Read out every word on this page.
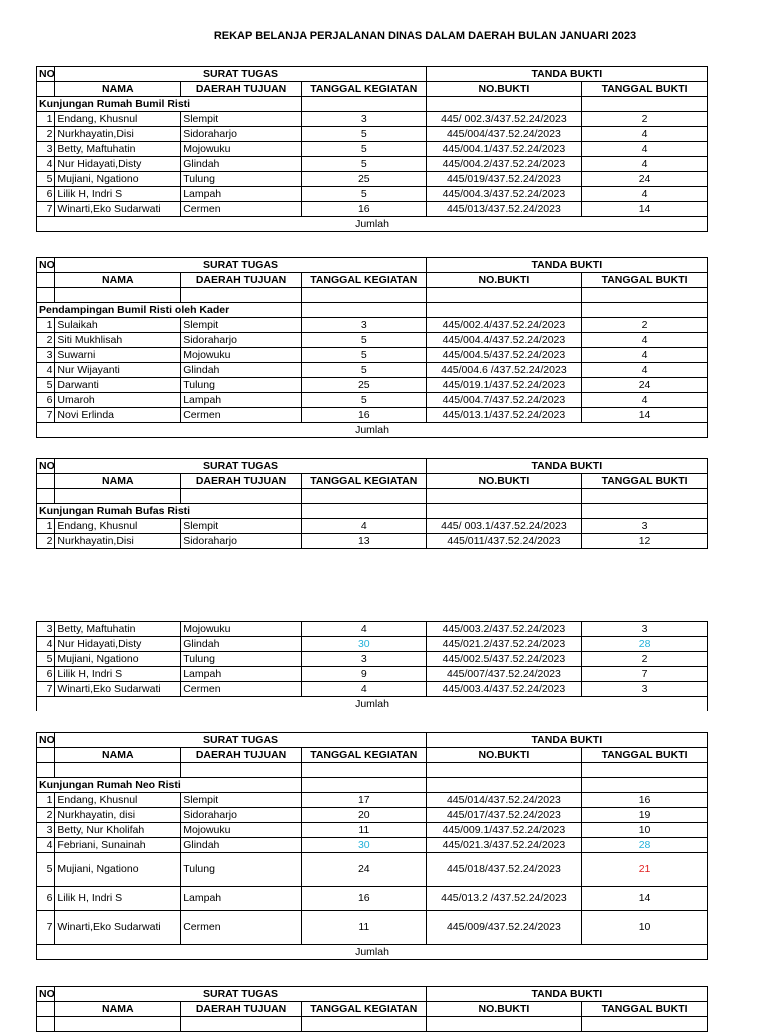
REKAP BELANJA PERJALANAN DINAS DALAM DAERAH BULAN JANUARI 2023
NO	SURAT TUGAS			TANDA BUKTI	
	NAMA	DAERAH TUJUAN	TANGGAL KEGIATAN	NO.BUKTI	TANGGAL BUKTI
Kunjungan Rumah Bumil Risti					
1	Endang, Khusnul	Slempit	3	445/ 002.3/437.52.24/2023	2
2	Nurkhayatin,Disi	Sidoraharjo	5	445/004/437.52.24/2023	4
3	Betty, Maftuhatin	Mojowuku	5	445/004.1/437.52.24/2023	4
4	Nur Hidayati,Disty	Glindah	5	445/004.2/437.52.24/2023	4
5	Mujiani, Ngationo	Tulung	25	445/019/437.52.24/2023	24
6	Lilik H, Indri S	Lampah	5	445/004.3/437.52.24/2023	4
7	Winarti,Eko Sudarwati	Cermen	16	445/013/437.52.24/2023	14
Jumlah					
NO	SURAT TUGAS			TANDA BUKTI	
	NAMA	DAERAH TUJUAN	TANGGAL KEGIATAN	NO.BUKTI	TANGGAL BUKTI

Pendampingan Bumil Risti oleh Kader					
1	Sulaikah	Slempit	3	445/002.4/437.52.24/2023	2
2	Siti Mukhlisah	Sidoraharjo	5	445/004.4/437.52.24/2023	4
3	Suwarni	Mojowuku	5	445/004.5/437.52.24/2023	4
4	Nur Wijayanti	Glindah	5	445/004.6 /437.52.24/2023	4
5	Darwanti	Tulung	25	445/019.1/437.52.24/2023	24
6	Umaroh	Lampah	5	445/004.7/437.52.24/2023	4
7	Novi Erlinda	Cermen	16	445/013.1/437.52.24/2023	14
Jumlah					
NO	SURAT TUGAS			TANDA BUKTI	
	NAMA	DAERAH TUJUAN	TANGGAL KEGIATAN	NO.BUKTI	TANGGAL BUKTI

Kunjungan Rumah Bufas Risti					
1	Endang, Khusnul	Slempit	4	445/ 003.1/437.52.24/2023	3
2	Nurkhayatin,Disi	Sidoraharjo	13	445/011/437.52.24/2023	12
3	Betty, Maftuhatin	Mojowuku	4	445/003.2/437.52.24/2023	3
4	Nur Hidayati,Disty	Glindah	30	445/021.2/437.52.24/2023	28
5	Mujiani, Ngationo	Tulung	3	445/002.5/437.52.24/2023	2
6	Lilik H, Indri S	Lampah	9	445/007/437.52.24/2023	7
7	Winarti,Eko Sudarwati	Cermen	4	445/003.4/437.52.24/2023	3
Jumlah					
NO	SURAT TUGAS			TANDA BUKTI	
	NAMA	DAERAH TUJUAN	TANGGAL KEGIATAN	NO.BUKTI	TANGGAL BUKTI

Kunjungan Rumah Neo Risti					
1	Endang, Khusnul	Slempit	17	445/014/437.52.24/2023	16
2	Nurkhayatin, disi	Sidoraharjo	20	445/017/437.52.24/2023	19
3	Betty, Nur Kholifah	Mojowuku	11	445/009.1/437.52.24/2023	10
4	Febriani, Sunainah	Glindah	30	445/021.3/437.52.24/2023	28
5	Mujiani, Ngationo	Tulung	24	445/018/437.52.24/2023	21
6	Lilik H, Indri S	Lampah	16	445/013.2 /437.52.24/2023	14
7	Winarti,Eko Sudarwati	Cermen	11	445/009/437.52.24/2023	10
Jumlah					
NO	SURAT TUGAS			TANDA BUKTI	
	NAMA	DAERAH TUJUAN	TANGGAL KEGIATAN	NO.BUKTI	TANGGAL BUKTI
